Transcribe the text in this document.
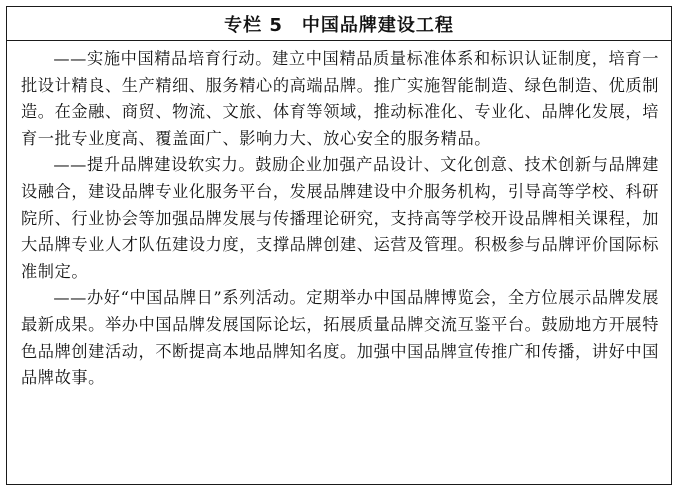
专栏 5　中国品牌建设工程

——实施中国精品培育行动。建立中国精品质量标准体系和标识认证制度，培育一批设计精良、生产精细、服务精心的高端品牌。推广实施智能制造、绿色制造、优质制造。在金融、商贸、物流、文旅、体育等领域，推动标准化、专业化、品牌化发展，培育一批专业度高、覆盖面广、影响力大、放心安全的服务精品。

——提升品牌建设软实力。鼓励企业加强产品设计、文化创意、技术创新与品牌建设融合，建设品牌专业化服务平台，发展品牌建设中介服务机构，引导高等学校、科研院所、行业协会等加强品牌发展与传播理论研究，支持高等学校开设品牌相关课程，加大品牌专业人才队伍建设力度，支撑品牌创建、运营及管理。积极参与品牌评价国际标准制定。

——办好“中国品牌日”系列活动。定期举办中国品牌博览会，全方位展示品牌发展最新成果。举办中国品牌发展国际论坛，拓展质量品牌交流互鉴平台。鼓励地方开展特色品牌创建活动，不断提高本地品牌知名度。加强中国品牌宣传推广和传播，讲好中国品牌故事。
